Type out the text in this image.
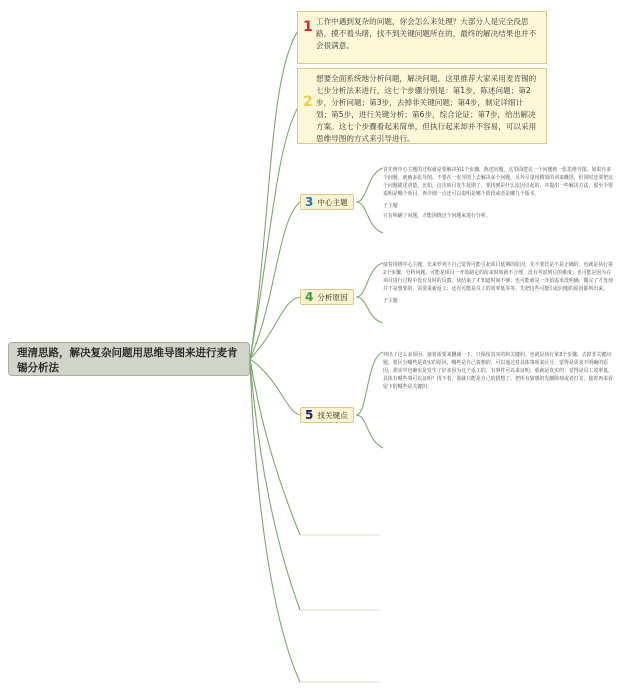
理清思路，解决复杂问题用思维导图来进行麦肯锡分析法
1 工作中遇到复杂的问题，你会怎么来处理？大部分人是完全没思路，摸不着头绪，找不到关键问题所在的，最终的解决结果也并不会很满意。
2
想要全面系统地分析问题，解决问题，这里推荐大家采用麦肯锡的七步分析法来进行，这七个步骤分别是：第1步，陈述问题；第2步，分析问题；第3步，去掉非关键问题；第4步，制定详细计划；第5步，进行关键分析；第6步，综合论证；第7步，给出解决方案。这七个步骤看起来简单，但执行起来却并不容易，可以采用思维导图的方式来引导进行。
3 中心主题

首先画中心主题的过程就是要解决第1个步骤，陈述问题。这里面建议一个问题画一张思维导图。如果有多个问题，就画多张导图。不要在一张导图上去解决多个问题。另外尽量用精简的词来概括，但同时还要把这个问题描述清楚。比如，这次项目发生延期了，要找到是什么原因引起的，并提出一些解决方法，那至少要说明是哪个项目，再详细一点还可以说明是哪个阶段或者是哪几个版本。

子主题

只有明确了问题，才能围绕这个问题来进行分析。

4 分析原因

接着围绕中心主题，先来罗列下自己觉得可能引起项目延期的原因。先不要管是不是正确的。也就是执行第2个步骤，分析问题。可能是项目一开始制定的给来时间就不合理，没有考虑到它的难度；也可能是因为在项目进行过程中没有及时的反馈，快结束了才知道时间不够；也可能就是一开始需求没明确，做完了才发现并不是想要的，需要重新返工；还有可能是员工的效率低等等。先把这些可能引起问题的原因都列出来。

子主题

5 找关键点

列出了这么多原因，接着需要来删减一下，只保留真实的和关键的。也就是执行第3个步骤，去掉非关键问题。要区分哪些是真实的原因，哪些是自己猜想的，可以通过对具体事项来区分。觉得是需求不明确的原因，那实中也确实是发生了好多因为这个返工的，有事件可以来证明，那就是真实的；觉得是员工效率低，具体有哪些事可以证明？找不着，那就只能是自己的猜想了。把所有猜想的先删除掉或者打叉，接着再来看留下的哪些是关键的。
